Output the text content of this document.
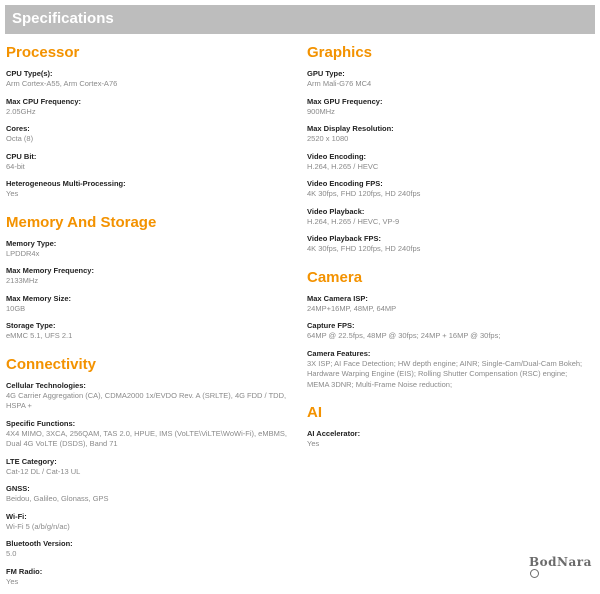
Specifications
Processor
CPU Type(s):
Arm Cortex-A55, Arm Cortex-A76
Max CPU Frequency:
2.05GHz
Cores:
Octa (8)
CPU Bit:
64-bit
Heterogeneous Multi-Processing:
Yes
Memory And Storage
Memory Type:
LPDDR4x
Max Memory Frequency:
2133MHz
Max Memory Size:
10GB
Storage Type:
eMMC 5.1, UFS 2.1
Connectivity
Cellular Technologies:
4G Carrier Aggregation (CA), CDMA2000 1x/EVDO Rev. A (SRLTE), 4G FDD / TDD, HSPA +
Specific Functions:
4X4 MIMO, 3XCA, 256QAM, TAS 2.0, HPUE, IMS (VoLTE\ViLTE\WoWi-Fi), eMBMS, Dual 4G VoLTE (DSDS), Band 71
LTE Category:
Cat-12 DL / Cat-13 UL
GNSS:
Beidou, Galileo, Glonass, GPS
Wi-Fi:
Wi-Fi 5 (a/b/g/n/ac)
Bluetooth Version:
5.0
FM Radio:
Yes
Graphics
GPU Type:
Arm Mali-G76 MC4
Max GPU Frequency:
900MHz
Max Display Resolution:
2520 x 1080
Video Encoding:
H.264, H.265 / HEVC
Video Encoding FPS:
4K 30fps, FHD 120fps, HD 240fps
Video Playback:
H.264, H.265 / HEVC, VP-9
Video Playback FPS:
4K 30fps, FHD 120fps, HD 240fps
Camera
Max Camera ISP:
24MP+16MP, 48MP, 64MP
Capture FPS:
64MP @ 22.5fps, 48MP @ 30fps; 24MP + 16MP @ 30fps;
Camera Features:
3X ISP; AI Face Detection; HW depth engine; AINR; Single-Cam/Dual-Cam Bokeh; Hardware Warping Engine (EIS); Rolling Shutter Compensation (RSC) engine; MEMA 3DNR; Multi-Frame Noise reduction;
AI
AI Accelerator:
Yes
BodNara
